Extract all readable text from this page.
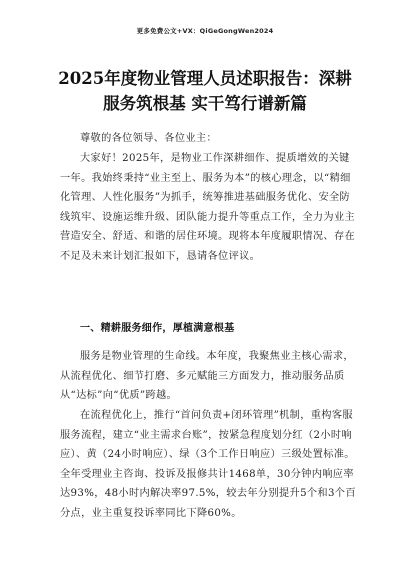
更多免费公文+VX：QiGeGongWen2024
2025年度物业管理人员述职报告：深耕
服务筑根基 实干笃行谱新篇

尊敬的各位领导、各位业主：

大家好！2025年，是物业工作深耕细作、提质增效的关键一年。我始终秉持“业主至上、服务为本”的核心理念，以“精细化管理、人性化服务”为抓手，统筹推进基础服务优化、安全防线筑牢、设施运维升级、团队能力提升等重点工作，全力为业主营造安全、舒适、和谐的居住环境。现将本年度履职情况、存在不足及未来计划汇报如下，恳请各位评议。

一、精耕服务细作，厚植满意根基

服务是物业管理的生命线。本年度，我聚焦业主核心需求，从流程优化、细节打磨、多元赋能三方面发力，推动服务品质从“达标”向“优质”跨越。

在流程优化上，推行“首问负责+闭环管理”机制，重构客服服务流程，建立“业主需求台账”，按紧急程度划分红（2小时响应）、黄（24小时响应）、绿（3个工作日响应）三级处置标准。全年受理业主咨询、投诉及报修共计1468单，30分钟内响应率达93%，48小时内解决率97.5%，较去年分别提升5个和3个百分点，业主重复投诉率同比下降60%。
